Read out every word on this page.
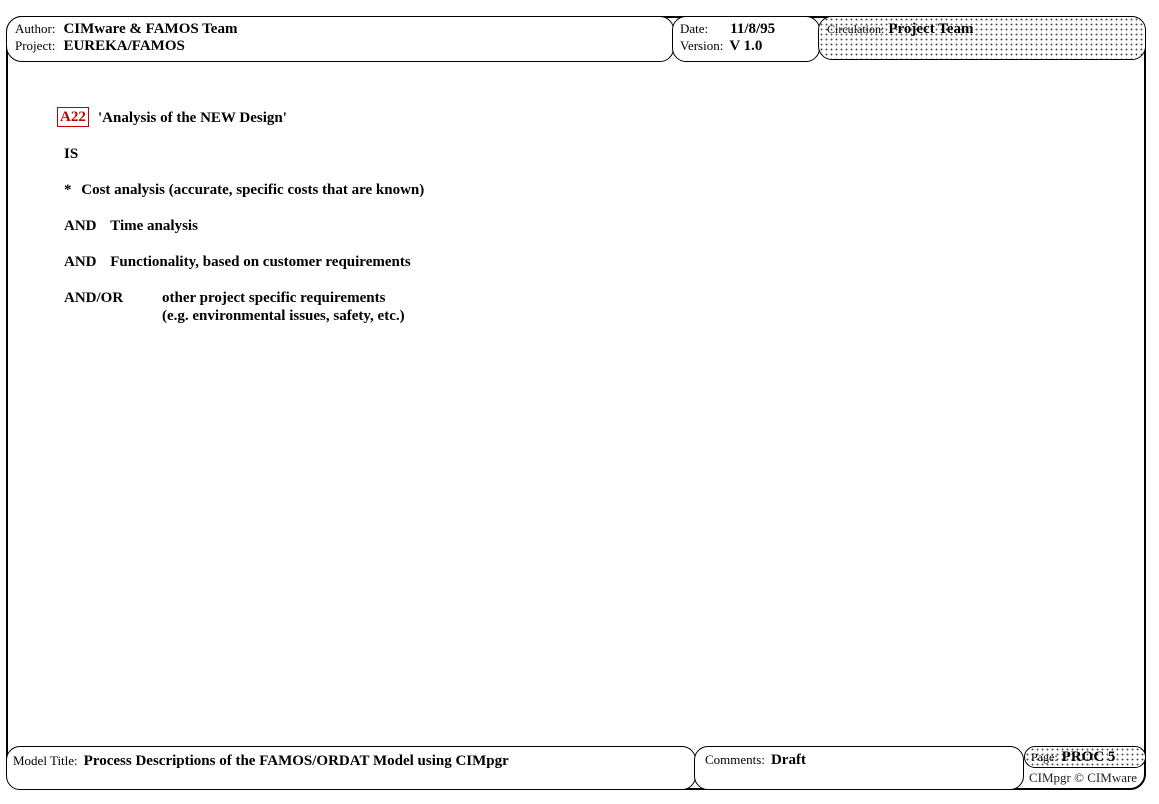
Author: CIMware & FAMOS Team
Project: EUREKA/FAMOS
Date: 11/8/95
Version: V 1.0
Circulation: Project Team
A22 'Analysis of the NEW Design'
IS
* Cost analysis (accurate, specific costs that are known)
AND Time analysis
AND Functionality, based on customer requirements
AND/OR	other project specific requirements
(e.g. environmental issues, safety, etc.)
Model Title: Process Descriptions of the FAMOS/ORDAT Model using CIMpgr	Comments: Draft	Page: PROC 5
CIMpgr © CIMware
